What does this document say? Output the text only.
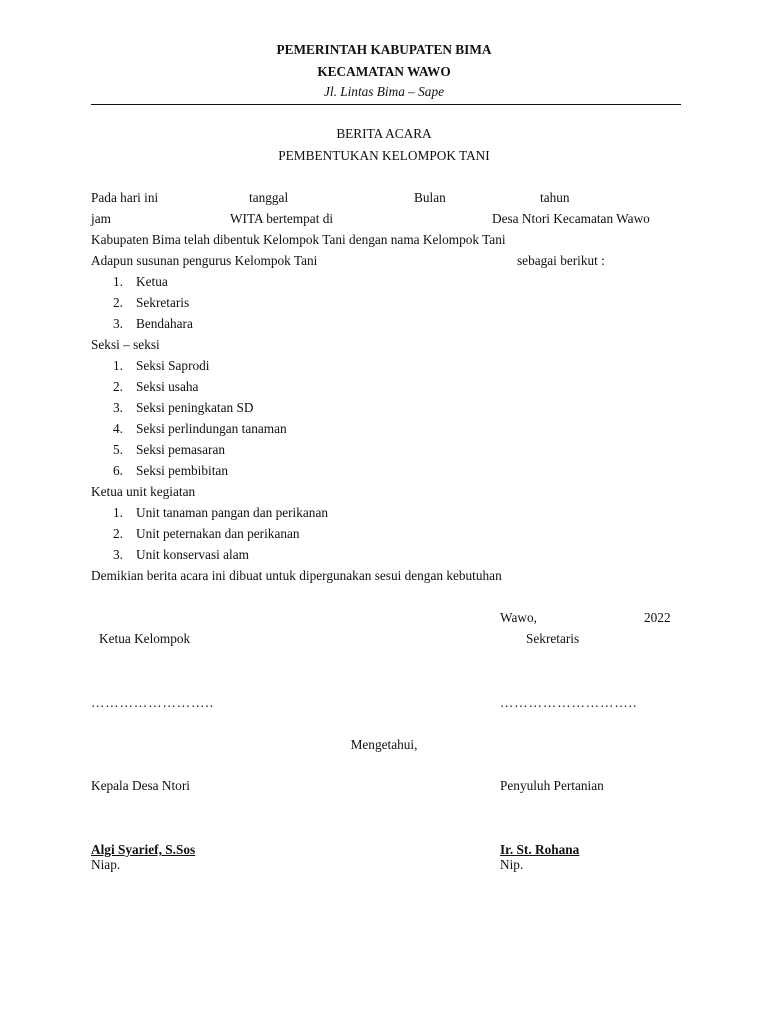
PEMERINTAH KABUPATEN BIMA
KECAMATAN WAWO
Jl. Lintas Bima – Sape
BERITA ACARA
PEMBENTUKAN KELOMPOK TANI
Pada hari ini	tanggal	Bulan	tahun
jam	WITA bertempat di	Desa Ntori Kecamatan Wawo
Kabupaten Bima telah dibentuk Kelompok Tani dengan nama Kelompok Tani
Adapun susunan pengurus Kelompok Tani	sebagai berikut :
1. Ketua
2. Sekretaris
3. Bendahara
Seksi – seksi
1. Seksi Saprodi
2. Seksi usaha
3. Seksi peningkatan SD
4. Seksi perlindungan tanaman
5. Seksi pemasaran
6. Seksi pembibitan
Ketua unit kegiatan
1. Unit tanaman pangan dan perikanan
2. Unit peternakan dan perikanan
3. Unit konservasi alam
Demikian berita acara ini dibuat untuk dipergunakan sesui dengan kebutuhan
Wawo,	2022
Ketua Kelompok	Sekretaris
……………………..	………………………..
Mengetahui,
Kepala Desa Ntori	Penyuluh Pertanian
Algi Syarief, S.Sos	Ir. St. Rohana
Niap.	Nip.
